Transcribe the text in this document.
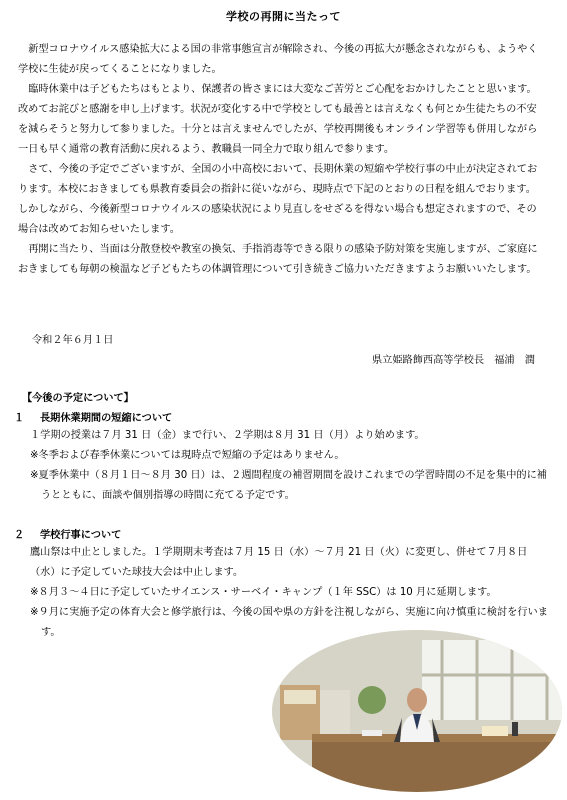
学校の再開に当たって

新型コロナウイルス感染拡大による国の非常事態宣言が解除され、今後の再拡大が懸念されながらも、ようやく学校に生徒が戻ってくることになりました。

臨時休業中は子どもたちはもとより、保護者の皆さまには大変なご苦労とご心配をおかけしたことと思います。改めてお詫びと感謝を申し上げます。状況が変化する中で学校としても最善とは言えなくも何とか生徒たちの不安を減らそうと努力して参りました。十分とは言えませんでしたが、学校再開後もオンライン学習等も併用しながら一日も早く通常の教育活動に戻れるよう、教職員一同全力で取り組んで参ります。

さて、今後の予定でございますが、全国の小中高校において、長期休業の短縮や学校行事の中止が決定されております。本校におきましても県教育委員会の指針に従いながら、現時点で下記のとおりの日程を組んでおります。しかしながら、今後新型コロナウイルスの感染状況により見直しをせざるを得ない場合も想定されますので、その場合は改めてお知らせいたします。

再開に当たり、当面は分散登校や教室の換気、手指消毒等できる限りの感染予防対策を実施しますが、ご家庭におきましても毎朝の検温など子どもたちの体調管理について引き続きご協力いただきますようお願いいたします。

令和２年６月１日
県立姫路飾西高等学校長　福浦　潤
【今後の予定について】
１ 長期休業期間の短縮について
１学期の授業は７月 31 日（金）まで行い、２学期は８月 31 日（月）より始めます。
※冬季および春季休業については現時点で短縮の予定はありません。
※夏季休業中（８月１日～８月 30 日）は、２週間程度の補習期間を設けこれまでの学習時間の不足を集中的に補うとともに、面談や個別指導の時間に充てる予定です。
２ 学校行事について
鷹山祭は中止としました。１学期期末考査は７月 15 日（水）～７月 21 日（火）に変更し、併せて７月８日（水）に予定していた球技大会は中止します。
※８月３～４日に予定していたサイエンス・サーベイ・キャンプ（１年 SSC）は 10 月に延期します。
※９月に実施予定の体育大会と修学旅行は、今後の国や県の方針を注視しながら、実施に向け慎重に検討を行います。
